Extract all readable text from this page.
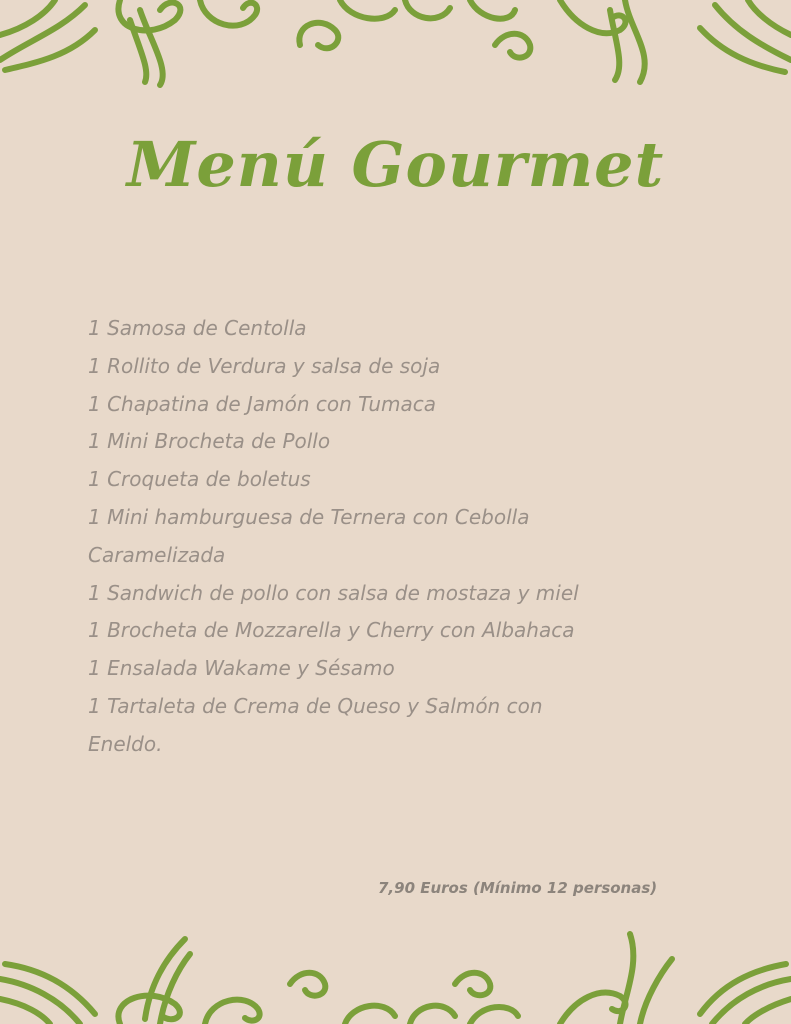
Menú Gourmet
1 Samosa de Centolla
1 Rollito de Verdura y salsa de soja
1 Chapatina de Jamón con Tumaca
1 Mini Brocheta de Pollo
1 Croqueta de boletus
1 Mini hamburguesa de Ternera con Cebolla Caramelizada
1 Sandwich de pollo con salsa de mostaza y miel
1 Brocheta de Mozzarella y Cherry con Albahaca
1 Ensalada Wakame y Sésamo
1 Tartaleta de Crema de Queso y Salmón con Eneldo.
7,90 Euros (Mínimo 12 personas)
